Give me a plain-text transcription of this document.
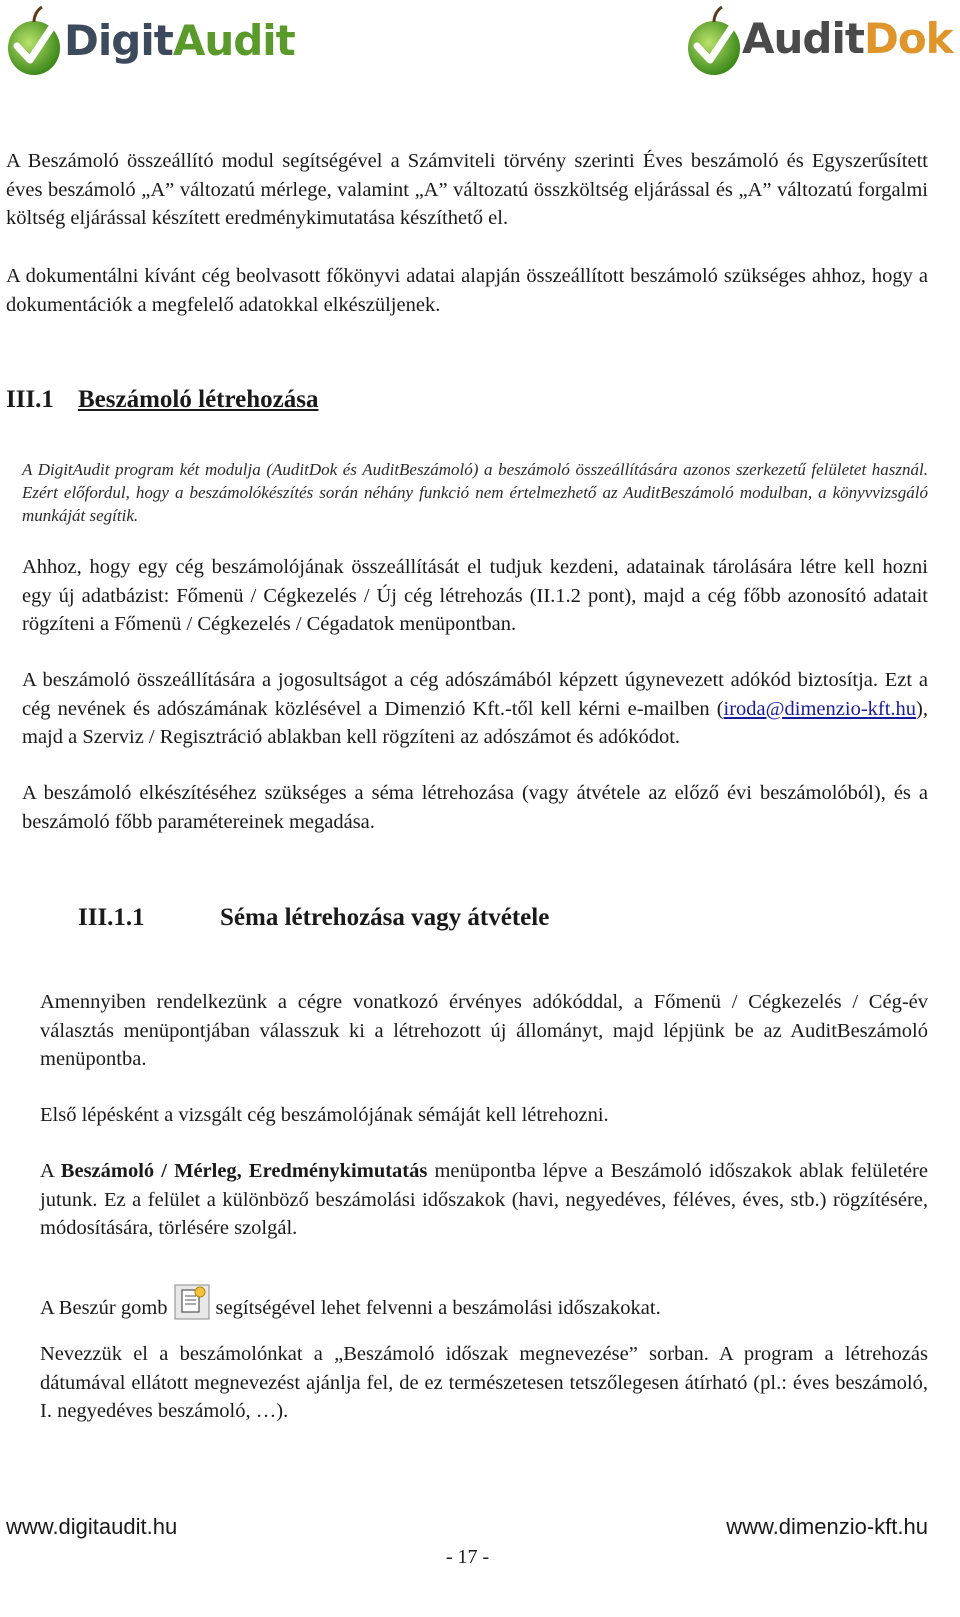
DigitAudit	AuditDok

A Beszámoló összeállító modul segítségével a Számviteli törvény szerinti Éves beszámoló és Egyszerűsített éves beszámoló „A” változatú mérlege, valamint „A” változatú összköltség eljárással és „A” változatú forgalmi költség eljárással készített eredménykimutatása készíthető el.

A dokumentálni kívánt cég beolvasott főkönyvi adatai alapján összeállított beszámoló szükséges ahhoz, hogy a dokumentációk a megfelelő adatokkal elkészüljenek.

III.1 Beszámoló létrehozása

A DigitAudit program két modulja (AuditDok és AuditBeszámoló) a beszámoló összeállítására azonos szerkezetű felületet használ. Ezért előfordul, hogy a beszámolókészítés során néhány funkció nem értelmezhető az AuditBeszámoló modulban, a könyvvizsgáló munkáját segítik.

Ahhoz, hogy egy cég beszámolójának összeállítását el tudjuk kezdeni, adatainak tárolására létre kell hozni egy új adatbázist: Főmenü / Cégkezelés / Új cég létrehozás (II.1.2 pont), majd a cég főbb azonosító adatait rögzíteni a Főmenü / Cégkezelés / Cégadatok menüpontban.

A beszámoló összeállítására a jogosultságot a cég adószámából képzett úgynevezett adókód biztosítja. Ezt a cég nevének és adószámának közlésével a Dimenzió Kft.-től kell kérni e-mailben (iroda@dimenzio-kft.hu), majd a Szerviz / Regisztráció ablakban kell rögzíteni az adószámot és adókódot.

A beszámoló elkészítéséhez szükséges a séma létrehozása (vagy átvétele az előző évi beszámolóból), és a beszámoló főbb paramétereinek megadása.

III.1.1	Séma létrehozása vagy átvétele

Amennyiben rendelkezünk a cégre vonatkozó érvényes adókóddal, a Főmenü / Cégkezelés / Cég-év választás menüpontjában válasszuk ki a létrehozott új állományt, majd lépjünk be az AuditBeszámoló menüpontba.

Első lépésként a vizsgált cég beszámolójának sémáját kell létrehozni.

A Beszámoló / Mérleg, Eredménykimutatás menüpontba lépve a Beszámoló időszakok ablak felületére jutunk. Ez a felület a különböző beszámolási időszakok (havi, negyedéves, féléves, éves, stb.) rögzítésére, módosítására, törlésére szolgál.

A Beszúr gomb segítségével lehet felvenni a beszámolási időszakokat.

Nevezzük el a beszámolónkat a „Beszámoló időszak megnevezése” sorban. A program a létrehozás dátumával ellátott megnevezést ajánlja fel, de ez természetesen tetszőlegesen átírható (pl.: éves beszámoló, I. negyedéves beszámoló, …).

www.digitaudit.hu	www.dimenzio-kft.hu
- 17 -
